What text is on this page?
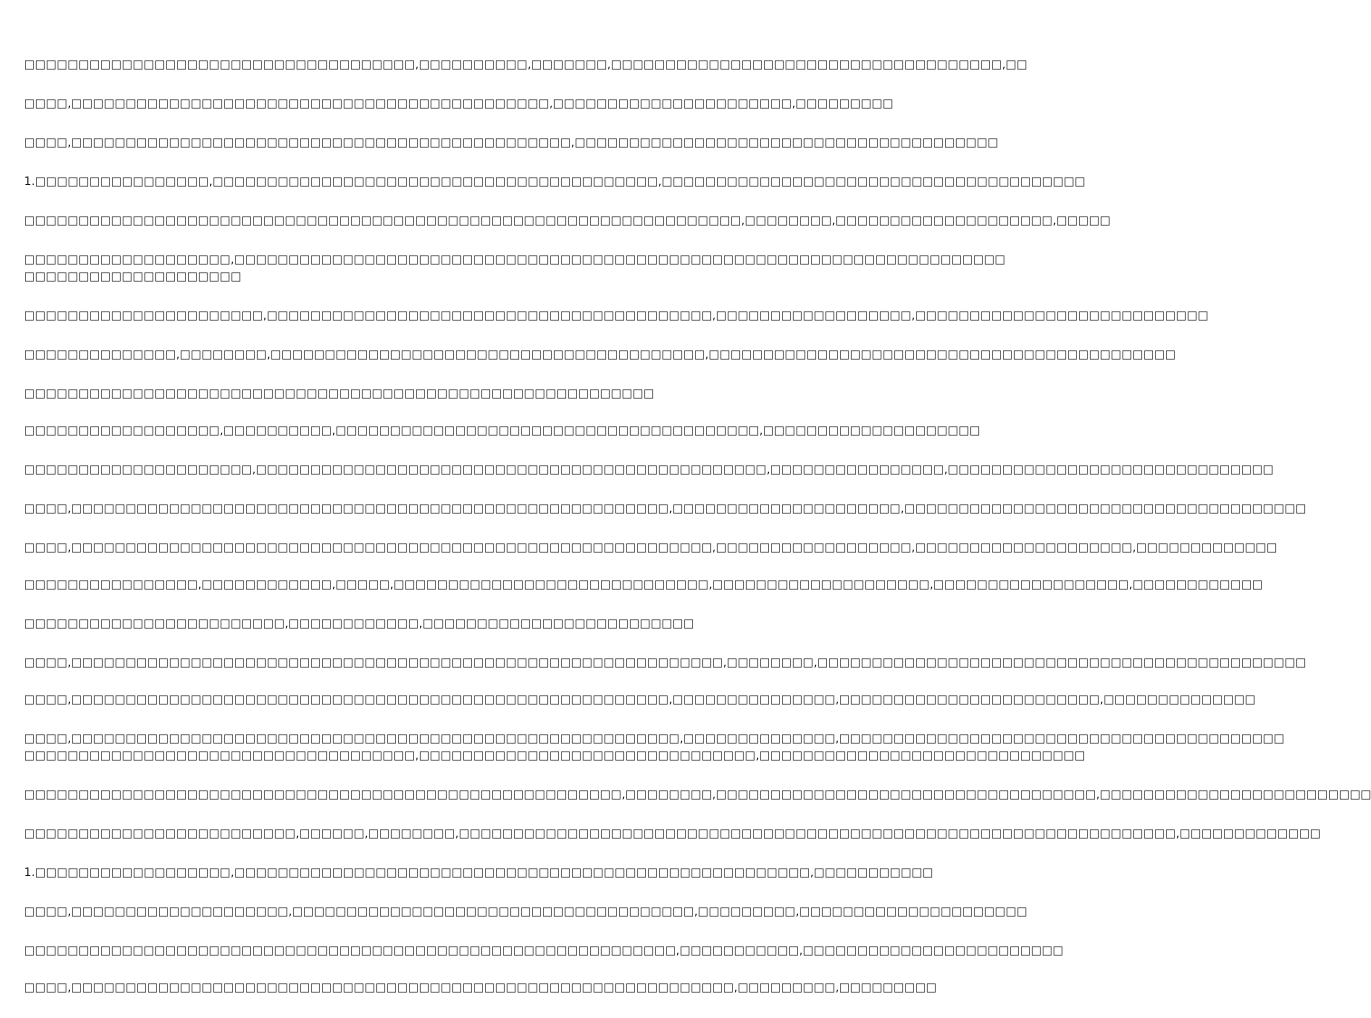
□□□□□□□□□□□□□□□□□□□□□□□□□□□□□□□□□□□□,□□□□□□□□□□,□□□□□□□,□□□□□□□□□□□□□□□□□□□□□□□□□□□□□□□□□□□□,□□

□□□□,□□□□□□□□□□□□□□□□□□□□□□□□□□□□□□□□□□□□□□□□□□□□,□□□□□□□□□□□□□□□□□□□□□□,□□□□□□□□□

□□□□,□□□□□□□□□□□□□□□□□□□□□□□□□□□□□□□□□□□□□□□□□□□□□□,□□□□□□□□□□□□□□□□□□□□□□□□□□□□□□□□□□□□□□□

1.□□□□□□□□□□□□□□□□,□□□□□□□□□□□□□□□□□□□□□□□□□□□□□□□□□□□□□□□□□,□□□□□□□□□□□□□□□□□□□□□□□□□□□□□□□□□□□□□□□

□□□□□□□□□□□□□□□□□□□□□□□□□□□□□□□□□□□□□□□□□□□□□□□□□□□□□□□□□□□□□□□□□□,□□□□□□□□,□□□□□□□□□□□□□□□□□□□□,□□□□□

□□□□□□□□□□□□□□□□□□□,□□□□□□□□□□□□□□□□□□□□□□□□□□□□□□□□□□□□□□□□□□□□□□□□□□□□□□□□□□□□□□□□□□□□□□□ □□□□□□□□□□□□□□□□□□□□

□□□□□□□□□□□□□□□□□□□□□□,□□□□□□□□□□□□□□□□□□□□□□□□□□□□□□□□□□□□□□□□□,□□□□□□□□□□□□□□□□□□,□□□□□□□□□□□□□□□□□□□□□□□□□□□

□□□□□□□□□□□□□□,□□□□□□□□,□□□□□□□□□□□□□□□□□□□□□□□□□□□□□□□□□□□□□□□□,□□□□□□□□□□□□□□□□□□□□□□□□□□□□□□□□□□□□□□□□□□□

□□□□□□□□□□□□□□□□□□□□□□□□□□□□□□□□□□□□□□□□□□□□□□□□□□□□□□□□□□

□□□□□□□□□□□□□□□□□□,□□□□□□□□□□,□□□□□□□□□□□□□□□□□□□□□□□□□□□□□□□□□□□□□□□,□□□□□□□□□□□□□□□□□□□□

□□□□□□□□□□□□□□□□□□□□□,□□□□□□□□□□□□□□□□□□□□□□□□□□□□□□□□□□□□□□□□□□□□□□□,□□□□□□□□□□□□□□□□,□□□□□□□□□□□□□□□□□□□□□□□□□□□□□□

□□□□,□□□□□□□□□□□□□□□□□□□□□□□□□□□□□□□□□□□□□□□□□□□□□□□□□□□□□□□,□□□□□□□□□□□□□□□□□□□□□,□□□□□□□□□□□□□□□□□□□□□□□□□□□□□□□□□□□□□

□□□□,□□□□□□□□□□□□□□□□□□□□□□□□□□□□□□□□□□□□□□□□□□□□□□□□□□□□□□□□□□□,□□□□□□□□□□□□□□□□□□,□□□□□□□□□□□□□□□□□□□□,□□□□□□□□□□□□□

□□□□□□□□□□□□□□□□,□□□□□□□□□□□□,□□□□□,□□□□□□□□□□□□□□□□□□□□□□□□□□□□□,□□□□□□□□□□□□□□□□□□□□,□□□□□□□□□□□□□□□□□□,□□□□□□□□□□□□

□□□□□□□□□□□□□□□□□□□□□□□□,□□□□□□□□□□□□,□□□□□□□□□□□□□□□□□□□□□□□□□

□□□□,□□□□□□□□□□□□□□□□□□□□□□□□□□□□□□□□□□□□□□□□□□□□□□□□□□□□□□□□□□□□,□□□□□□□□,□□□□□□□□□□□□□□□□□□□□□□□□□□□□□□□□□□□□□□□□□□□□□

□□□□,□□□□□□□□□□□□□□□□□□□□□□□□□□□□□□□□□□□□□□□□□□□□□□□□□□□□□□□,□□□□□□□□□□□□□□□,□□□□□□□□□□□□□□□□□□□□□□□□,□□□□□□□□□□□□□□

□□□□,□□□□□□□□□□□□□□□□□□□□□□□□□□□□□□□□□□□□□□□□□□□□□□□□□□□□□□□□,□□□□□□□□□□□□□□,□□□□□□□□□□□□□□□□□□□□□□□□□□□□□□□□□□□□□□□□□ □□□□□□□□□□□□□□□□□□□□□□□□□□□□□□□□□□□□,□□□□□□□□□□□□□□□□□□□□□□□□□□□□□□□,□□□□□□□□□□□□□□□□□□□□□□□□□□□□□□

□□□□□□□□□□□□□□□□□□□□□□□□□□□□□□□□□□□□□□□□□□□□□□□□□□□□□□□,□□□□□□□□,□□□□□□□□□□□□□□□□□□□□□□□□□□□□□□□□□□□,□□□□□□□□□□□□□□□□□□□□□□□□□

□□□□□□□□□□□□□□□□□□□□□□□□□,□□□□□□,□□□□□□□□,□□□□□□□□□□□□□□□□□□□□□□□□□□□□□□□□□□□□□□□□□□□□□□□□□□□□□□□□□□□□□□□□□□,□□□□□□□□□□□□□

1.□□□□□□□□□□□□□□□□□□,□□□□□□□□□□□□□□□□□□□□□□□□□□□□□□□□□□□□□□□□□□□□□□□□□□□□□,□□□□□□□□□□□

□□□□,□□□□□□□□□□□□□□□□□□□□,□□□□□□□□□□□□□□□□□□□□□□□□□□□□□□□□□□□□□,□□□□□□□□□,□□□□□□□□□□□□□□□□□□□□□

□□□□□□□□□□□□□□□□□□□□□□□□□□□□□□□□□□□□□□□□□□□□□□□□□□□□□□□□□□□□,□□□□□□□□□□□,□□□□□□□□□□□□□□□□□□□□□□□□

□□□□,□□□□□□□□□□□□□□□□□□□□□□□□□□□□□□□□□□□□□□□□□□□□□□□□□□□□□□□□□□□□□,□□□□□□□□□,□□□□□□□□□
